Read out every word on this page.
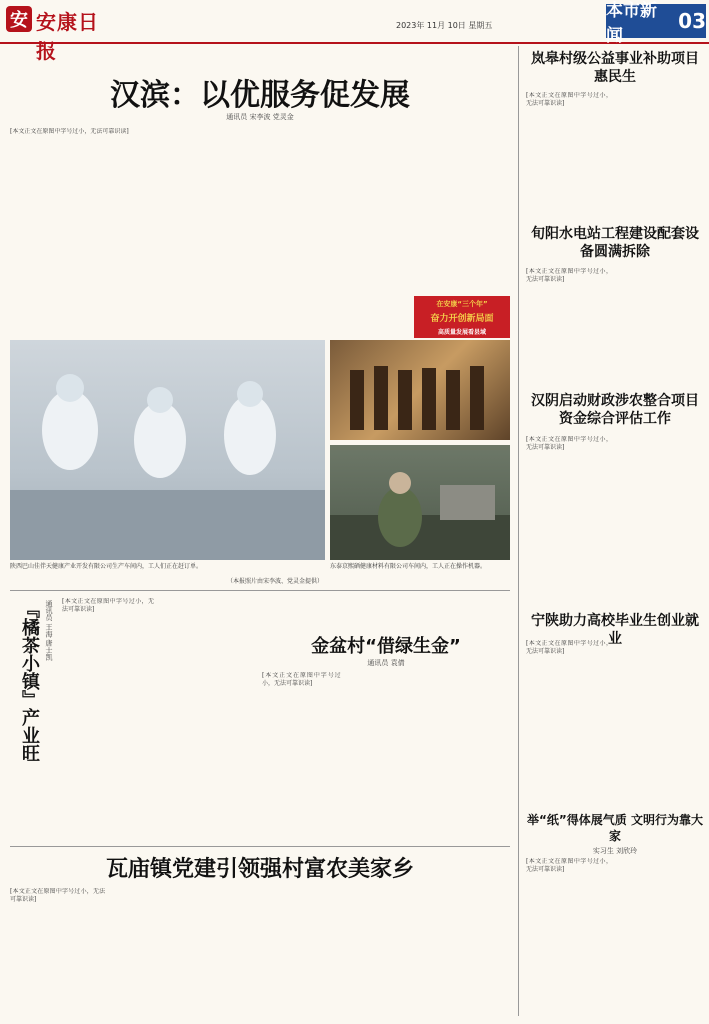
安 安康日报
2023年 11月 10日 星期五
本市新闻
03
汉滨：以优服务促发展
通讯员 宋李波 党灵金
[本文正文在原图中字号过小，无法可靠识读]
在安康“三个年”
奋力开创新局面
高质量发展看县域
陕西巴山佳伴天健康产业开发有限公司生产车间内，工人们正在赶订单。	东泰京熙硒健康材料有限公司车间内，工人正在操作机器。
（本报照片由宋李波、党灵金提供）
岚皋村级公益事业补助项目惠民生
[本文正文在原图中字号过小，无法可靠识读]
旬阳水电站工程建设配套设备圆满拆除
[本文正文在原图中字号过小，无法可靠识读]
汉阴启动财政涉农整合项目资金综合评估工作
[本文正文在原图中字号过小，无法可靠识读]
宁陕助力高校毕业生创业就业
[本文正文在原图中字号过小，无法可靠识读]
举“纸”得体展气质 文明行为靠大家
实习生 刘欣玲
[本文正文在原图中字号过小，无法可靠识读]
『橘茶小镇』产业旺 通讯员 王海 唐士凯 [本文正文在原图中字号过小，无法可靠识读]
金盆村“借绿生金”
通讯员 袁倩
[本文正文在原图中字号过小，无法可靠识读]
瓦庙镇党建引领强村富农美家乡
[本文正文在原图中字号过小，无法可靠识读]
